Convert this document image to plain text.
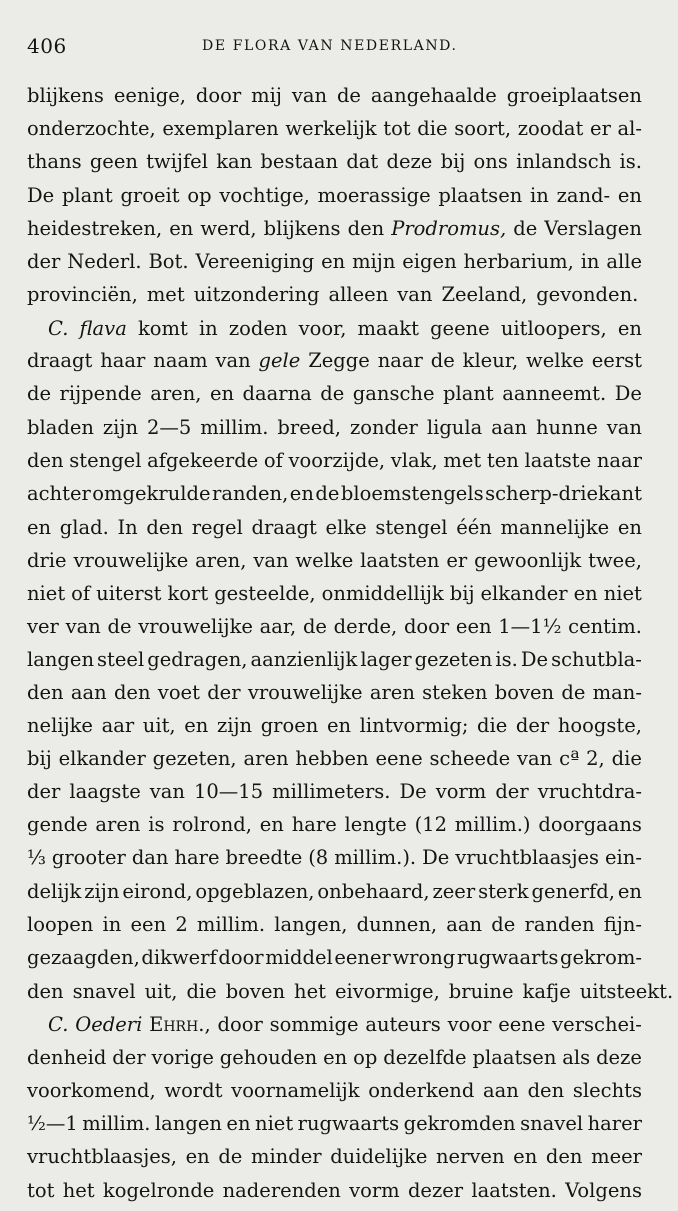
406	DE FLORA VAN NEDERLAND.
blijkens eenige, door mij van de aangehaalde groeiplaatsen
onderzochte, exemplaren werkelijk tot die soort, zoodat er al-
thans geen twijfel kan bestaan dat deze bij ons inlandsch is.
De plant groeit op vochtige, moerassige plaatsen in zand- en
heidestreken, en werd, blijkens den Prodromus, de Verslagen
der Nederl. Bot. Vereeniging en mijn eigen herbarium, in alle
provinciën, met uitzondering alleen van Zeeland, gevonden.
C. flava komt in zoden voor, maakt geene uitloopers, en
draagt haar naam van gele Zegge naar de kleur, welke eerst
de rijpende aren, en daarna de gansche plant aanneemt. De
bladen zijn 2—5 millim. breed, zonder ligula aan hunne van
den stengel afgekeerde of voorzijde, vlak, met ten laatste naar
achter omgekrulde randen, en de bloemstengels scherp-driekant
en glad. In den regel draagt elke stengel één mannelijke en
drie vrouwelijke aren, van welke laatsten er gewoonlijk twee,
niet of uiterst kort gesteelde, onmiddellijk bij elkander en niet
ver van de vrouwelijke aar, de derde, door een 1—1½ centim.
langen steel gedragen, aanzienlijk lager gezeten is. De schutbla-
den aan den voet der vrouwelijke aren steken boven de man-
nelijke aar uit, en zijn groen en lintvormig; die der hoogste,
bij elkander gezeten, aren hebben eene scheede van cª 2, die
der laagste van 10—15 millimeters. De vorm der vruchtdra-
gende aren is rolrond, en hare lengte (12 millim.) doorgaans
⅓ grooter dan hare breedte (8 millim.). De vruchtblaasjes ein-
delijk zijn eirond, opgeblazen, onbehaard, zeer sterk generfd, en
loopen in een 2 millim. langen, dunnen, aan de randen fijn-
gezaagden, dikwerf door middel eener wrong rugwaarts gekrom-
den snavel uit, die boven het eivormige, bruine kafje uitsteekt.
C. Oederi Ehrh., door sommige auteurs voor eene verschei-
denheid der vorige gehouden en op dezelfde plaatsen als deze
voorkomend, wordt voornamelijk onderkend aan den slechts
½—1 millim. langen en niet rugwaarts gekromden snavel harer
vruchtblaasjes, en de minder duidelijke nerven en den meer
tot het kogelronde naderenden vorm dezer laatsten. Volgens
